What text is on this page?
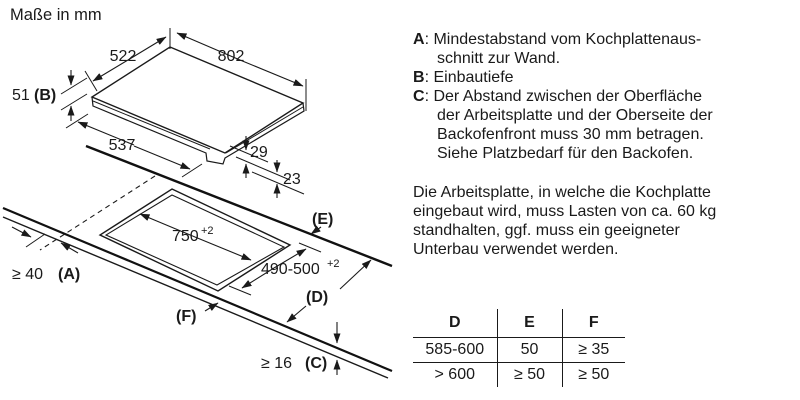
Maße in mm
522	802
51 (B)
537	29
23
750 +2
490-500 +2
≥ 40 (A)
(E)
(D)
(F)
≥ 16 (C)
A: Mindestabstand vom Kochplattenaus-
schnitt zur Wand.
B: Einbautiefe
C: Der Abstand zwischen der Oberfläche
der Arbeitsplatte und der Oberseite der
Backofenfront muss 30 mm betragen.
Siehe Platzbedarf für den Backofen.
Die Arbeitsplatte, in welche die Kochplatte
eingebaut wird, muss Lasten von ca. 60 kg
standhalten, ggf. muss ein geeigneter
Unterbau verwendet werden.
D	E	F
585-600	50	≥ 35
> 600	≥ 50	≥ 50
